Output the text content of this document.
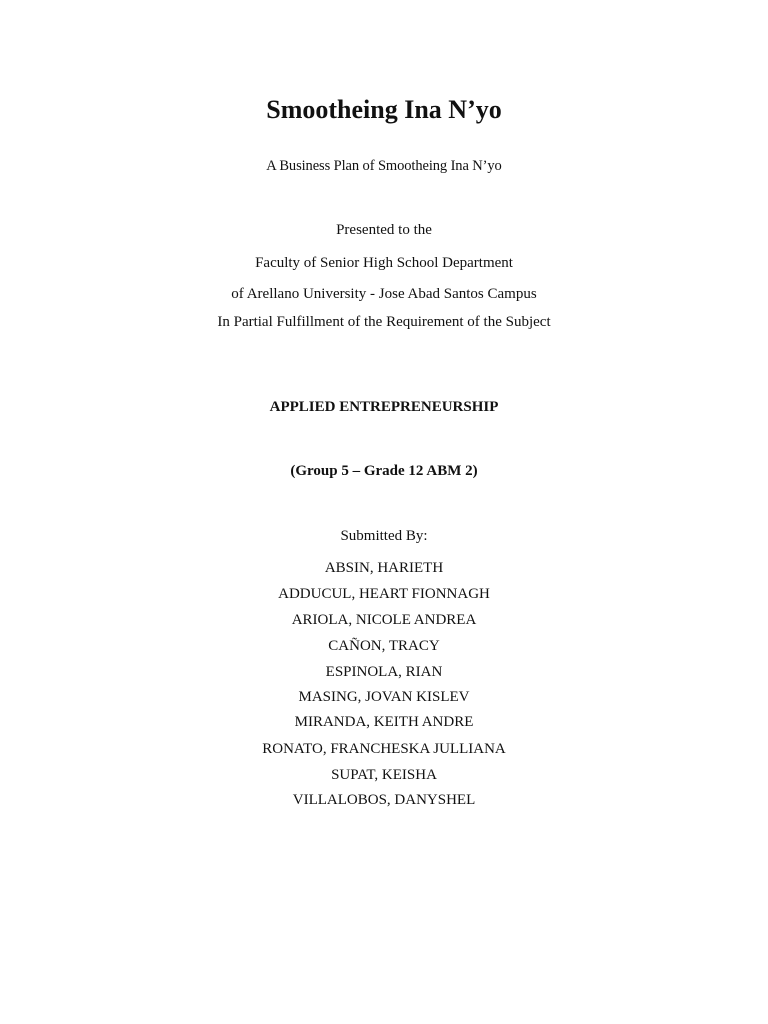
Smootheing Ina N’yo
A Business Plan of Smootheing Ina N’yo
Presented to the
Faculty of Senior High School Department
of Arellano University - Jose Abad Santos Campus
In Partial Fulfillment of the Requirement of the Subject
APPLIED ENTREPRENEURSHIP
(Group 5 – Grade 12 ABM 2)
Submitted By:
ABSIN, HARIETH
ADDUCUL, HEART FIONNAGH
ARIOLA, NICOLE ANDREA
CAÑON, TRACY
ESPINOLA, RIAN
MASING, JOVAN KISLEV
MIRANDA, KEITH ANDRE
RONATO, FRANCHESKA JULLIANA
SUPAT, KEISHA
VILLALOBOS, DANYSHEL
